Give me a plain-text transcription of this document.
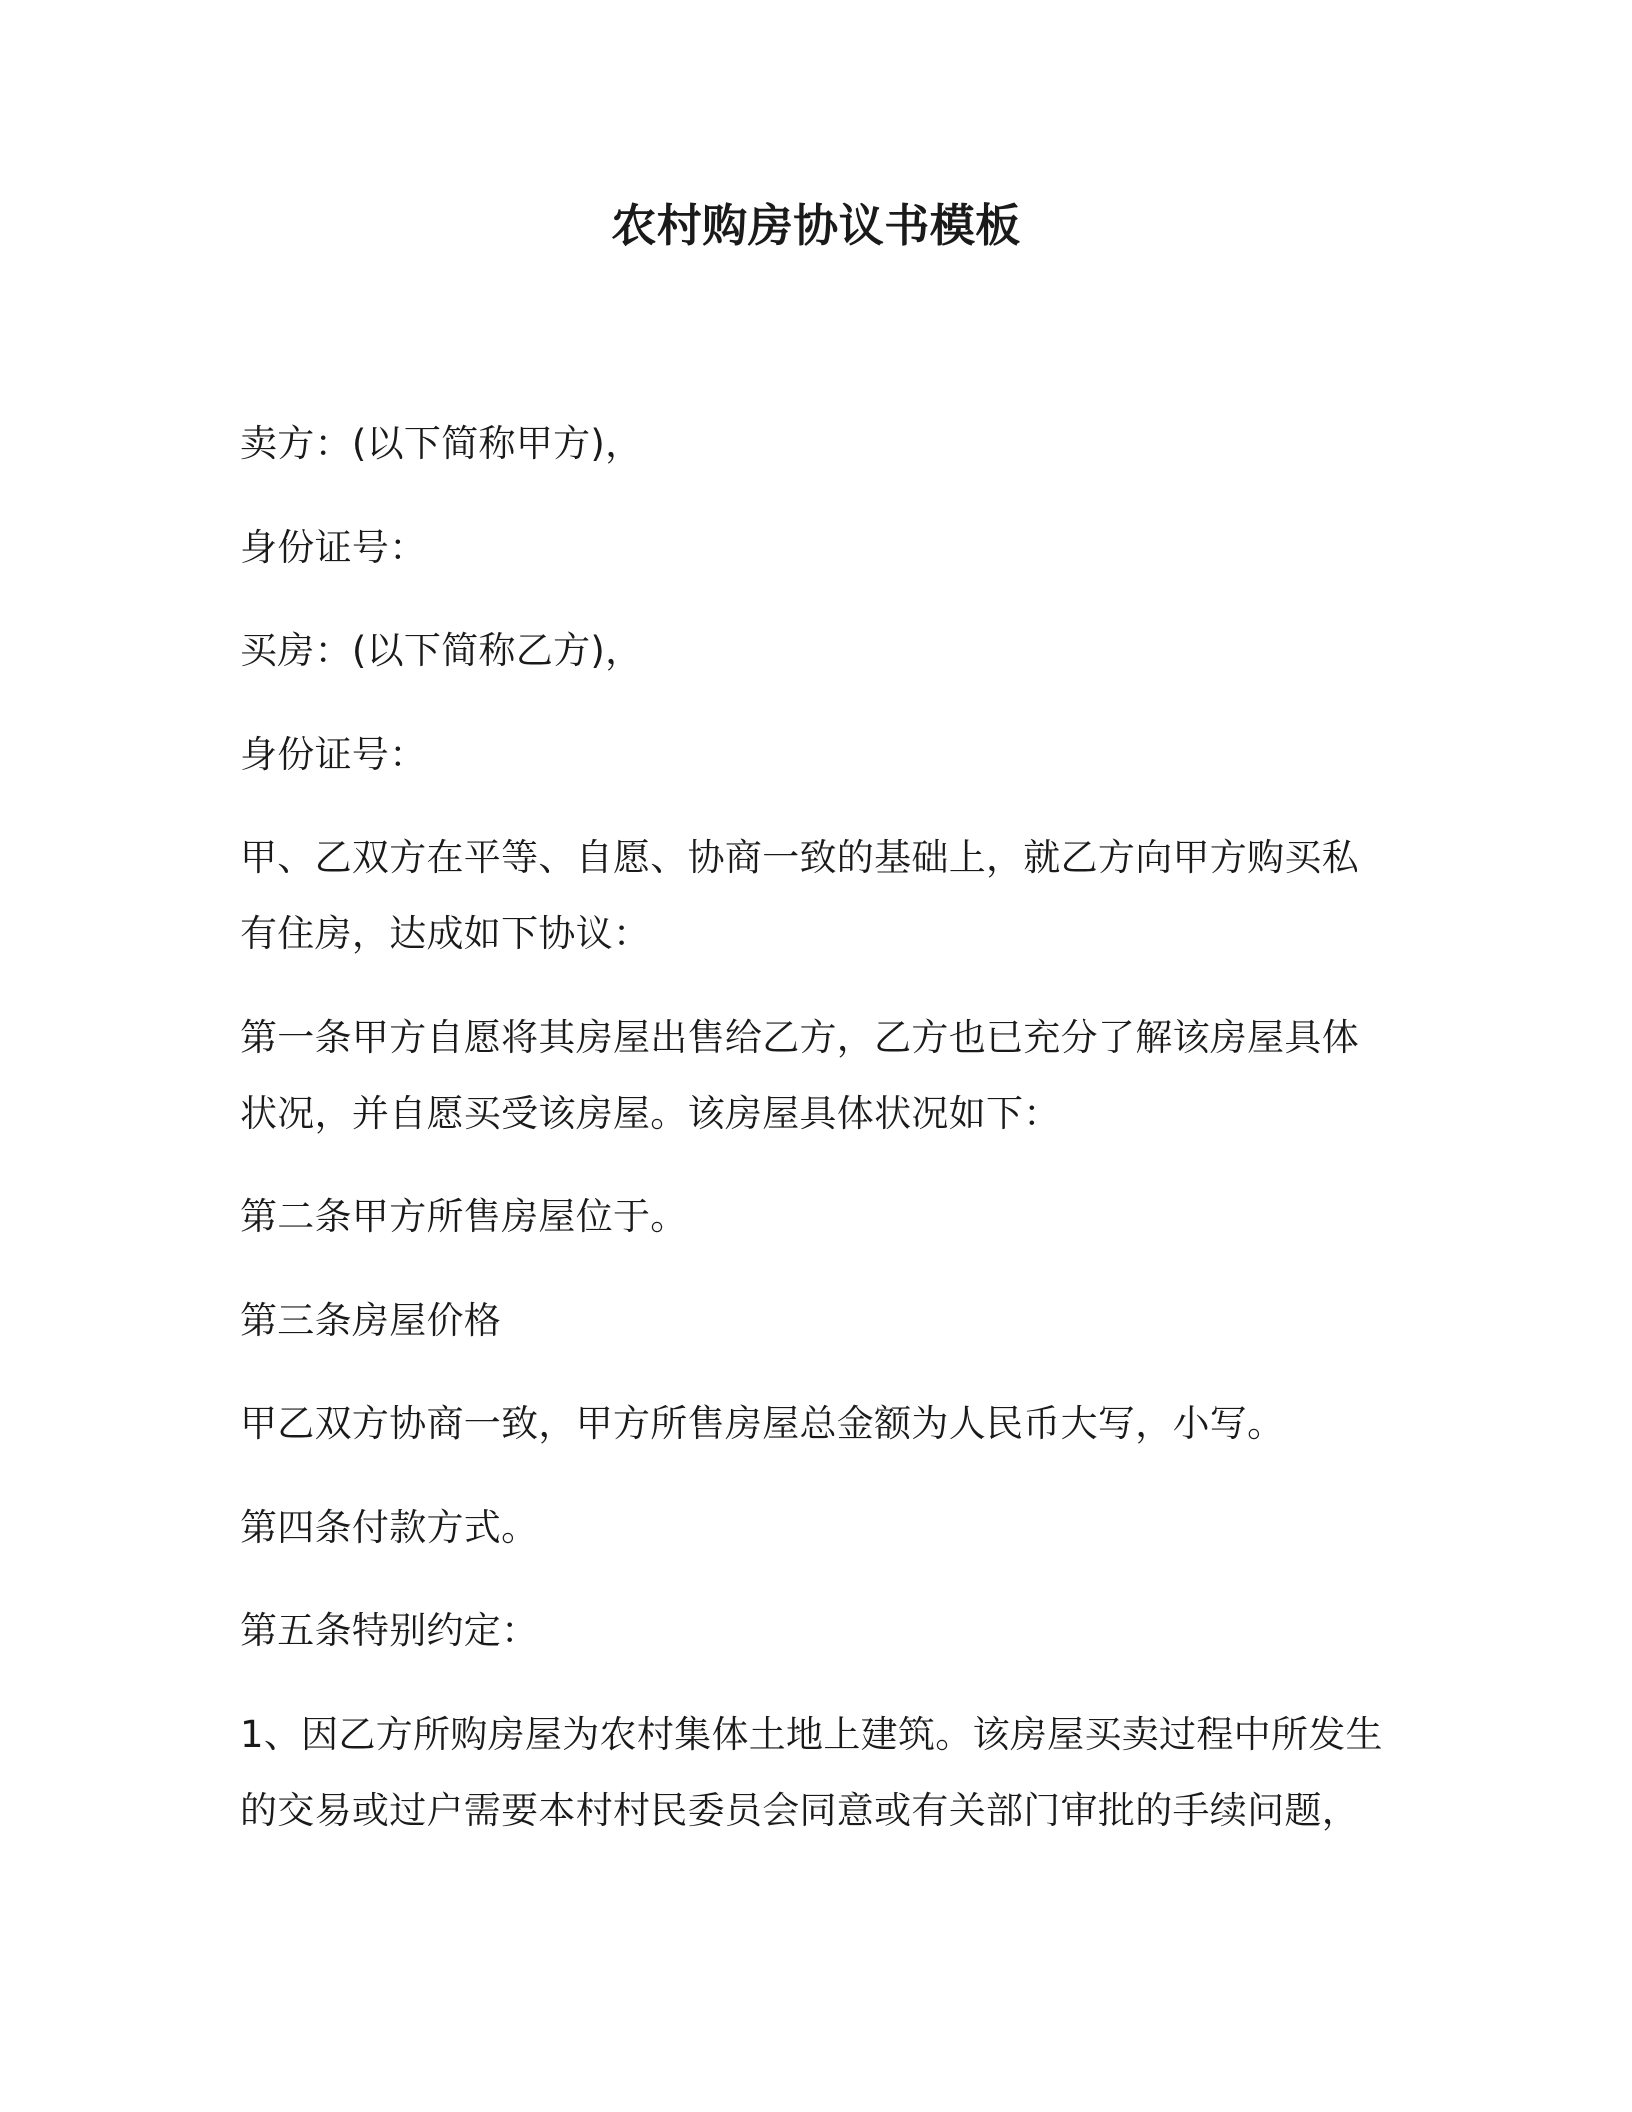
农村购房协议书模板

卖方：(以下简称甲方)，

身份证号：

买房：(以下简称乙方)，

身份证号：

甲、乙双方在平等、自愿、协商一致的基础上，就乙方向甲方购买私

有住房，达成如下协议：

第一条甲方自愿将其房屋出售给乙方，乙方也已充分了解该房屋具体

状况，并自愿买受该房屋。该房屋具体状况如下：

第二条甲方所售房屋位于。

第三条房屋价格

甲乙双方协商一致，甲方所售房屋总金额为人民币大写，小写。

第四条付款方式。

第五条特别约定：

1、因乙方所购房屋为农村集体土地上建筑。该房屋买卖过程中所发生

的交易或过户需要本村村民委员会同意或有关部门审批的手续问题，
